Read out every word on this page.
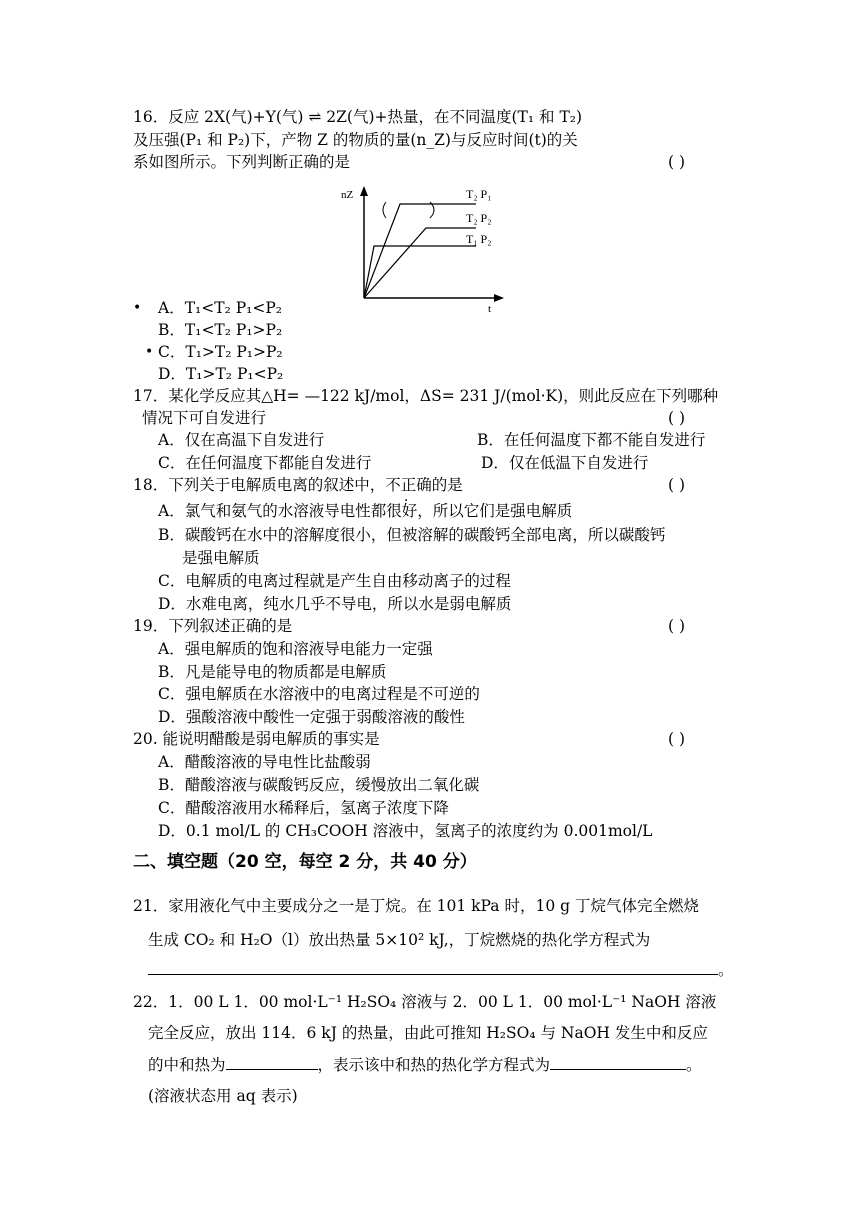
16．反应 2X(气)+Y(气) ⇌ 2Z(气)+热量，在不同温度(T₁ 和 T₂)
及压强(P₁ 和 P₂)下，产物 Z 的物质的量(n_Z)与反应时间(t)的关
系如图所示。下列判断正确的是	( )
nZ
t
T₂ P₁
T₂ P₂
T₁ P₂
• A．T₁<T₂ P₁<P₂
B．T₁<T₂ P₁>P₂
• C．T₁>T₂ P₁>P₂
D．T₁>T₂ P₁<P₂
17．某化学反应其△H= —122 kJ/mol，ΔS= 231 J/(mol·K)，则此反应在下列哪种
情况下可自发进行	( )
A．仅在高温下自发进行	B．在任何温度下都不能自发进行
C．在任何温度下都能自发进行	D．仅在低温下自发进行
18．下列关于电解质电离的叙述中，不正确的是	( )
A．氯气和氨气的水溶液导电性都很好，所以它们是强电解质
B．碳酸钙在水中的溶解度很小，但被溶解的碳酸钙全部电离，所以碳酸钙
是强电解质
C．电解质的电离过程就是产生自由移动离子的过程
D．水难电离，纯水几乎不导电，所以水是弱电解质
19．下列叙述正确的是	( )
A．强电解质的饱和溶液导电能力一定强
B．凡是能导电的物质都是电解质
C．强电解质在水溶液中的电离过程是不可逆的
D．强酸溶液中酸性一定强于弱酸溶液的酸性
20. 能说明醋酸是弱电解质的事实是	( )
A．醋酸溶液的导电性比盐酸弱
B．醋酸溶液与碳酸钙反应，缓慢放出二氧化碳
C．醋酸溶液用水稀释后，氢离子浓度下降
D．0.1 mol/L 的 CH₃COOH 溶液中，氢离子的浓度约为 0.001mol/L
二、填空题（20 空，每空 2 分，共 40 分）
21．家用液化气中主要成分之一是丁烷。在 101 kPa 时，10 g 丁烷气体完全燃烧
生成 CO₂ 和 H₂O（l）放出热量 5×10² kJ,，丁烷燃烧的热化学方程式为
。
22．1．00 L 1．00 mol·L⁻¹ H₂SO₄ 溶液与 2．00 L 1．00 mol·L⁻¹ NaOH 溶液
完全反应，放出 114．6 kJ 的热量，由此可推知 H₂SO₄ 与 NaOH 发生中和反应
的中和热为	，表示该中和热的热化学方程式为	。
(溶液状态用 aq 表示)
